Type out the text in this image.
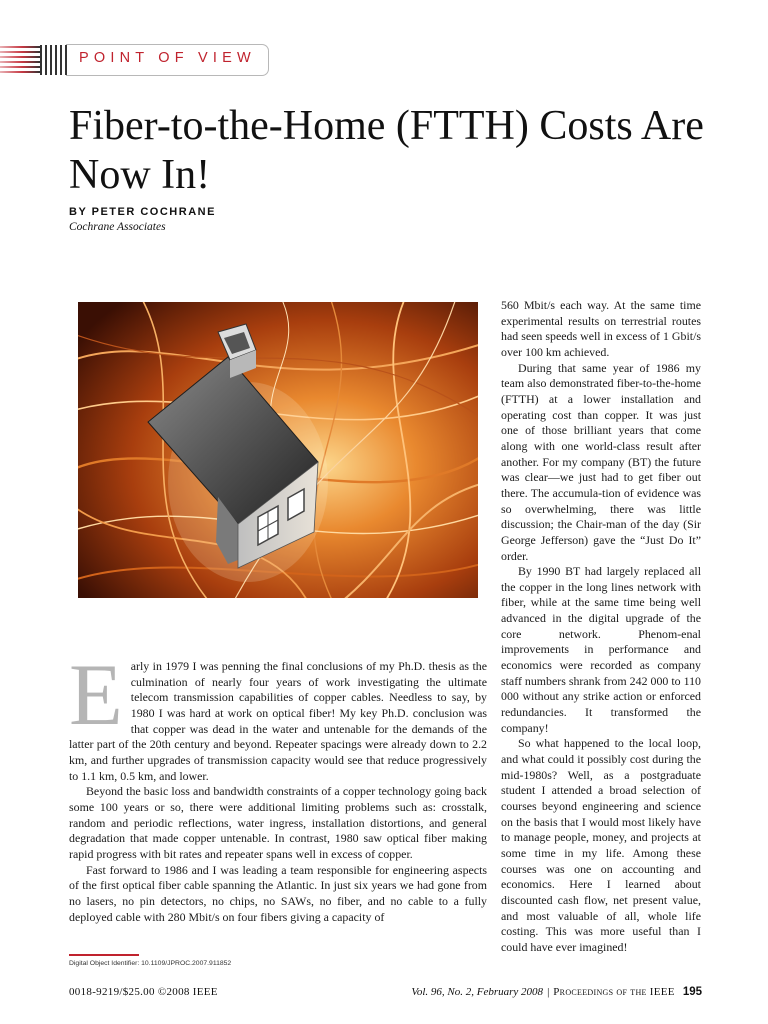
POINT OF VIEW
Fiber-to-the-Home (FTTH) Costs Are Now In!
BY PETER COCHRANE
Cochrane Associates

Early in 1979 I was penning the final conclusions of my Ph.D. thesis as the culmination of nearly four years of work investigating the ultimate telecom transmission capabilities of copper cables. Needless to say, by 1980 I was hard at work on optical fiber! My key Ph.D. conclusion was that copper was dead in the water and untenable for the demands of the latter part of the 20th century and beyond. Repeater spacings were already down to 2.2 km, and further upgrades of transmission capacity would see that reduce progressively to 1.1 km, 0.5 km, and lower.

Beyond the basic loss and bandwidth constraints of a copper technology going back some 100 years or so, there were additional limiting problems such as: crosstalk, random and periodic reflections, water ingress, installation distortions, and general degradation that made copper untenable. In contrast, 1980 saw optical fiber making rapid progress with bit rates and repeater spans well in excess of copper.

Fast forward to 1986 and I was leading a team responsible for engineering aspects of the first optical fiber cable spanning the Atlantic. In just six years we had gone from no lasers, no pin detectors, no chips, no SAWs, no fiber, and no cable to a fully deployed cable with 280 Mbit/s on four fibers giving a capacity of

560 Mbit/s each way. At the same time experimental results on terrestrial routes had seen speeds well in excess of 1 Gbit/s over 100 km achieved.

During that same year of 1986 my team also demonstrated fiber-to-the-home (FTTH) at a lower installation and operating cost than copper. It was just one of those brilliant years that come along with one world-class result after another. For my company (BT) the future was clear—we just had to get fiber out there. The accumula-tion of evidence was so overwhelming, there was little discussion; the Chair-man of the day (Sir George Jefferson) gave the “Just Do It” order.

By 1990 BT had largely replaced all the copper in the long lines network with fiber, while at the same time being well advanced in the digital upgrade of the core network. Phenom-enal improvements in performance and economics were recorded as company staff numbers shrank from 242 000 to 110 000 without any strike action or enforced redundancies. It transformed the company!

So what happened to the local loop, and what could it possibly cost during the mid-1980s? Well, as a postgraduate student I attended a broad selection of courses beyond engineering and science on the basis that I would most likely have to manage people, money, and projects at some time in my life. Among these courses was one on accounting and economics. Here I learned about discounted cash flow, net present value, and most valuable of all, whole life costing. This was more useful than I could have ever imagined!

Digital Object Identifier: 10.1109/JPROC.2007.911852
0018-9219/$25.00 ©2008 IEEE	Vol. 96, No. 2, February 2008 | Proceedings of the IEEE 195
